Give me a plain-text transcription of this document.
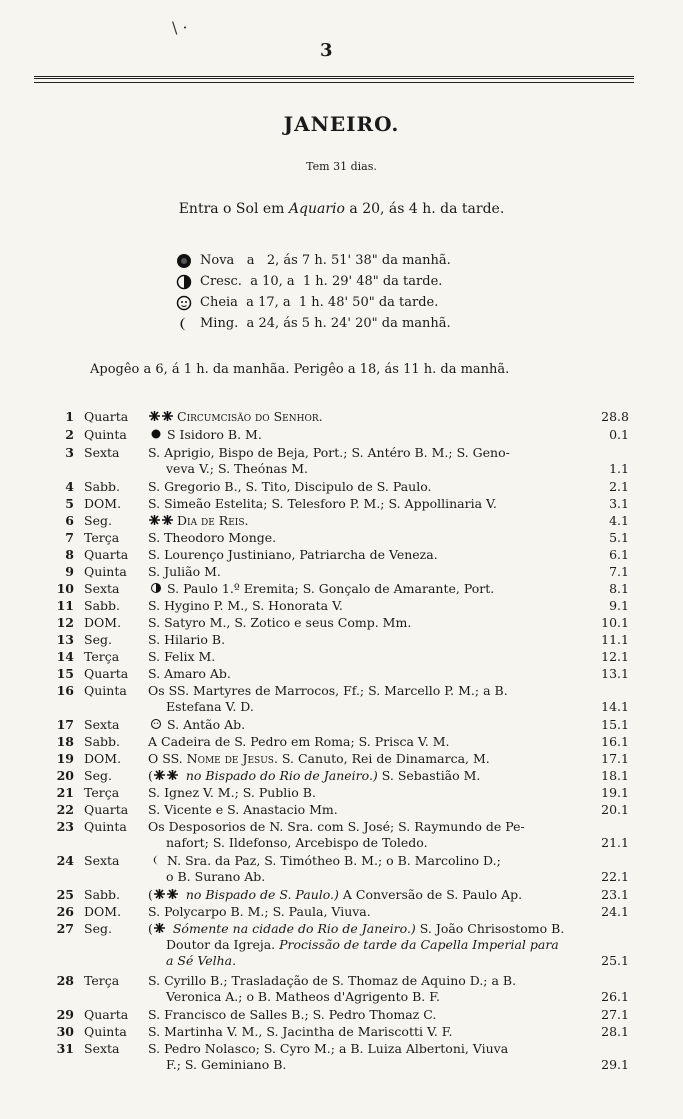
\ ·
3
JANEIRO.
Tem 31 dias.
Entra o Sol em Aquario a 20, ás 4 h. da tarde.
Nova   a   2, ás 7 h. 51' 38" da manhã.
Cresc.  a 10, a  1 h. 29' 48" da tarde.
Cheia  a 17, a  1 h. 48' 50" da tarde.
Ming.  a 24, ás 5 h. 24' 20" da manhã.
Apogêo a 6, á 1 h. da manhãa. Perigêo a 18, ás 11 h. da manhã.
1 Quarta	Circumcisão do Senhor.	28.8
2 Quinta	S Isidoro B. M.	0.1
3 Sexta S. Aprigio, Bispo de Beja, Port.; S. Antéro B. M.; S. Geno-
veva V.; S. Theónas M.	1.1
4 Sabb. S. Gregorio B., S. Tito, Discipulo de S. Paulo.	2.1
5 DOM. S. Simeão Estelita; S. Telesforo P. M.; S. Appollinaria V.	3.1
6 Seg.	Dia de Reis.	4.1
7 Terça S. Theodoro Monge.	5.1
8 Quarta S. Lourenço Justiniano, Patriarcha de Veneza.	6.1
9 Quinta S. Julião M.	7.1
10 Sexta	S. Paulo 1.º Eremita; S. Gonçalo de Amarante, Port.	8.1
11 Sabb. S. Hygino P. M., S. Honorata V.	9.1
12 DOM. S. Satyro M., S. Zotico e seus Comp. Mm.	10.1
13 Seg.	S. Hilario B.	11.1
14 Terça S. Felix M.	12.1
15 Quarta S. Amaro Ab.	13.1
16 Quinta Os SS. Martyres de Marrocos, Ff.; S. Marcello P. M.; a B.
Estefana V. D.	14.1
17 Sexta	S. Antão Ab.	15.1
18 Sabb. A Cadeira de S. Pedro em Roma; S. Prisca V. M.	16.1
19 DOM. O SS. Nome de Jesus. S. Canuto, Rei de Dinamarca, M.	17.1
20 Seg.	( no Bispado do Rio de Janeiro.) S. Sebastião M.	18.1
21 Terça S. Ignez V. M.; S. Publio B.	19.1
22 Quarta S. Vicente e S. Anastacio Mm.	20.1
23 Quinta Os Desposorios de N. Sra. com S. José; S. Raymundo de Pe-
nafort; S. Ildefonso, Arcebispo de Toledo.	21.1
24 Sexta	N. Sra. da Paz, S. Timótheo B. M.; o B. Marcolino D.;
o B. Surano Ab.	22.1
25 Sabb. ( no Bispado de S. Paulo.) A Conversão de S. Paulo Ap.	23.1
26 DOM. S. Polycarpo B. M.; S. Paula, Viuva.	24.1
27 Seg.	( Sómente na cidade do Rio de Janeiro.) S. João Chrisostomo B.
Doutor da Igreja. Procissão de tarde da Capella Imperial para
a Sé Velha.	25.1
28 Terça S. Cyrillo B.; Trasladação de S. Thomaz de Aquino D.; a B.
Veronica A.; o B. Matheos d'Agrigento B. F.	26.1
29 Quarta S. Francisco de Salles B.; S. Pedro Thomaz C.	27.1
30 Quinta S. Martinha V. M., S. Jacintha de Mariscotti V. F.	28.1
31 Sexta S. Pedro Nolasco; S. Cyro M.; a B. Luiza Albertoni, Viuva
F.; S. Geminiano B.	29.1
